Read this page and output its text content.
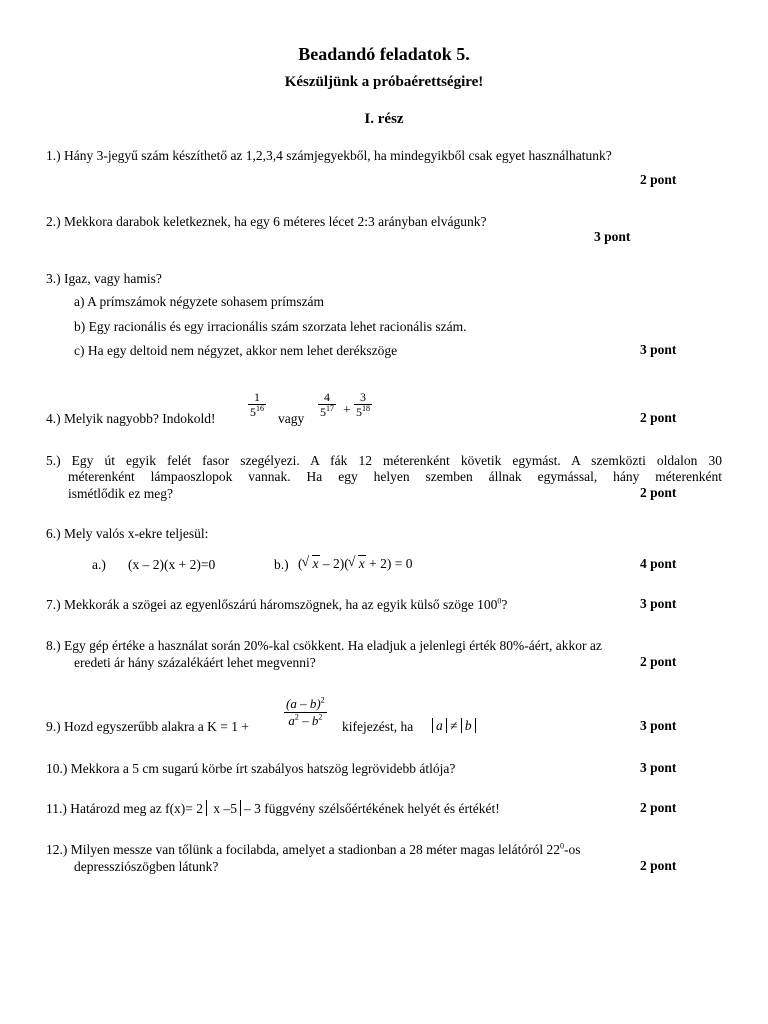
Beadandó feladatok 5.
Készüljünk a próbaérettségire!
I. rész
1.) Hány 3-jegyű szám készíthető az 1,2,3,4 számjegyekből, ha mindegyikből csak egyet használhatunk?
2 pont
2.) Mekkora darabok keletkeznek, ha egy 6 méteres lécet 2:3 arányban elvágunk?
3 pont
3.) Igaz, vagy hamis?
a) A prímszámok négyzete sohasem prímszám
b) Egy racionális és egy irracionális szám szorzata lehet racionális szám.
c) Ha egy deltoid nem négyzet, akkor nem lehet derékszöge	3 pont
4.) Melyik nagyobb? Indokold!	$\frac{1}{5^{16}}$ vagy $\frac{4}{5^{17}} + \frac{3}{5^{18}}$	2 pont
5.) Egy út egyik felét fasor szegélyezi. A fák 12 méterenként követik egymást. A szemközti oldalon 30
méterenként lámpaoszlopok vannak. Ha egy helyen szemben állnak egymással, hány méterenként
ismétlődik ez meg?	2 pont
6.) Mely valós x-ekre teljesül:
a.) (x – 2)(x + 2)=0	b.) ( √ x – 2)( √ x + 2) = 0	4 pont
7.) Mekkorák a szögei az egyenlőszárú háromszögnek, ha az egyik külső szöge $100^0$?	3 pont
8.) Egy gép értéke a használat során 20%-kal csökkent. Ha eladjuk a jelenlegi érték 80%-áért, akkor az
eredeti ár hány százalékáért lehet megvenni?	2 pont
9.) Hozd egyszerűbb alakra a K = 1 +	$\frac{(a - b)^2}{a^2 - b^2}$ kifejezést, ha a ≠ b	3 pont
10.) Mekkora a 5 cm sugarú körbe írt szabályos hatszög legrövidebb átlója?	3 pont
11.) Határozd meg az f(x)= 2 x –5 – 3 függvény szélsőértékének helyét és értékét!	2 pont
12.) Milyen messze van tőlünk a focilabda, amelyet a stadionban a 28 méter magas lelátóról $22^0-os$
depressziószögben látunk?	2 pont
